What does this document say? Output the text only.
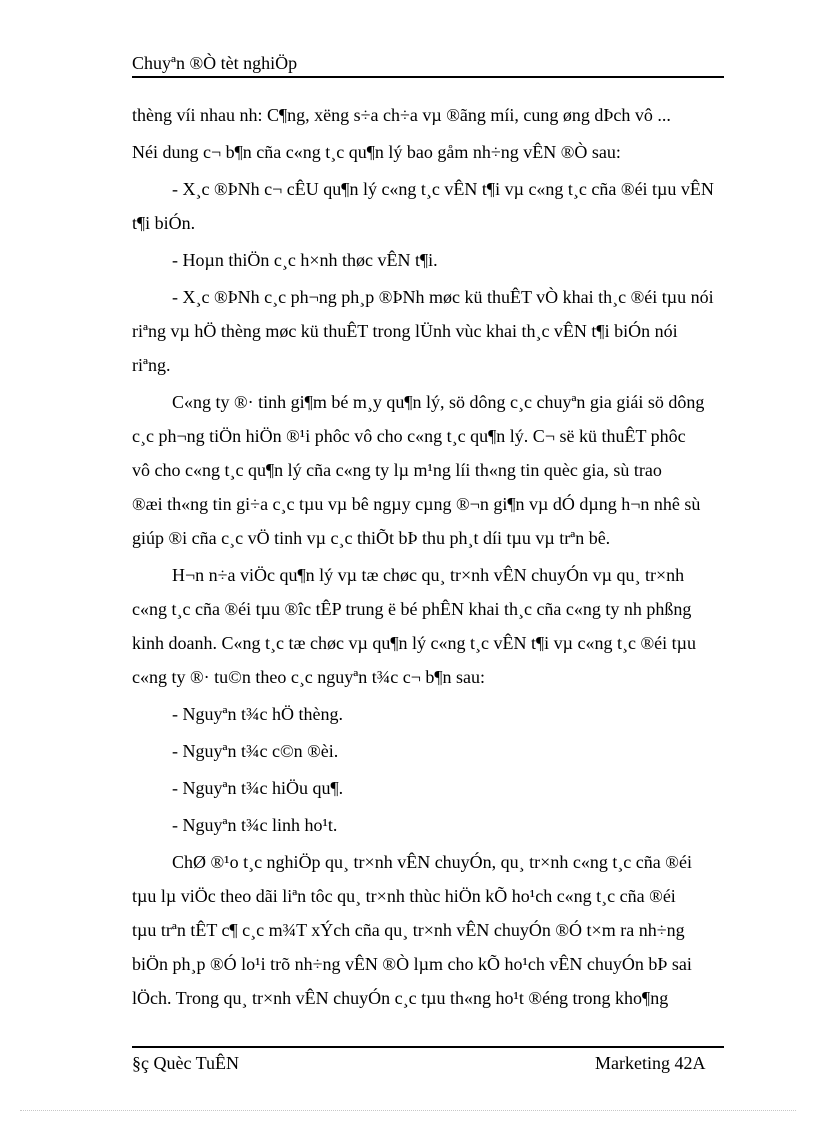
Chuyªn ®Ò tèt nghiÖp

thèng víi nhau nh: C¶ng, xëng s÷a ch÷a vµ ®ãng míi, cung øng dÞch vô ...

Néi dung c¬ b¶n cña c«ng t¸c qu¶n lý bao gåm nh÷ng vÊN ®Ò sau:

- X¸c ®ÞNh c¬ cÊU qu¶n lý c«ng t¸c vÊN t¶i vµ c«ng t¸c cña ®éi tµu vÊN

t¶i biÓn.

- Hoµn thiÖn c¸c h×nh thøc vÊN t¶i.

- X¸c ®ÞNh c¸c ph¬ng ph¸p ®ÞNh møc kü thuÊT vÒ khai th¸c ®éi tµu nói

riªng vµ hÖ thèng møc kü thuÊT trong lÜnh vùc khai th¸c vÊN t¶i biÓn nói

riªng.

C«ng ty ®· tinh gi¶m bé m¸y qu¶n lý, sö dông c¸c chuyªn gia giái sö dông

c¸c ph¬ng tiÖn hiÖn ®¹i phôc vô cho c«ng t¸c qu¶n lý. C¬ së kü thuÊT phôc

vô cho c«ng t¸c qu¶n lý cña c«ng ty lµ m¹ng líi th«ng tin quèc gia, sù trao

®æi th«ng tin gi÷a c¸c tµu vµ bê ngµy cµng ®¬n gi¶n vµ dÓ dµng h¬n nhê sù

giúp ®i cña c¸c vÖ tinh vµ c¸c thiÕt bÞ thu ph¸t díi tµu vµ trªn bê.

H¬n n÷a viÖc qu¶n lý vµ tæ chøc qu¸ tr×nh vÊN chuyÓn vµ qu¸ tr×nh

c«ng t¸c cña ®éi tµu ®îc tÊP trung ë bé phÊN khai th¸c cña c«ng ty nh phßng

kinh doanh. C«ng t¸c tæ chøc vµ qu¶n lý c«ng t¸c vÊN t¶i vµ c«ng t¸c ®éi tµu

c«ng ty ®· tu©n theo c¸c nguyªn t¾c c¬ b¶n sau:

- Nguyªn t¾c hÖ thèng.

- Nguyªn t¾c c©n ®èi.

- Nguyªn t¾c hiÖu qu¶.

- Nguyªn t¾c linh ho¹t.

ChØ ®¹o t¸c nghiÖp qu¸ tr×nh vÊN chuyÓn, qu¸ tr×nh c«ng t¸c cña ®éi

tµu lµ viÖc theo dãi liªn tôc qu¸ tr×nh thùc hiÖn kÕ ho¹ch c«ng t¸c cña ®éi

tµu trªn tÊT c¶ c¸c m¾T xÝch cña qu¸ tr×nh vÊN chuyÓn ®Ó t×m ra nh÷ng

biÖn ph¸p ®Ó lo¹i trõ nh÷ng vÊN ®Ò lµm cho kÕ ho¹ch vÊN chuyÓn bÞ sai

lÖch. Trong qu¸ tr×nh vÊN chuyÓn c¸c tµu th«ng ho¹t ®éng trong kho¶ng

§ç Quèc TuÊN	Marketing 42A
